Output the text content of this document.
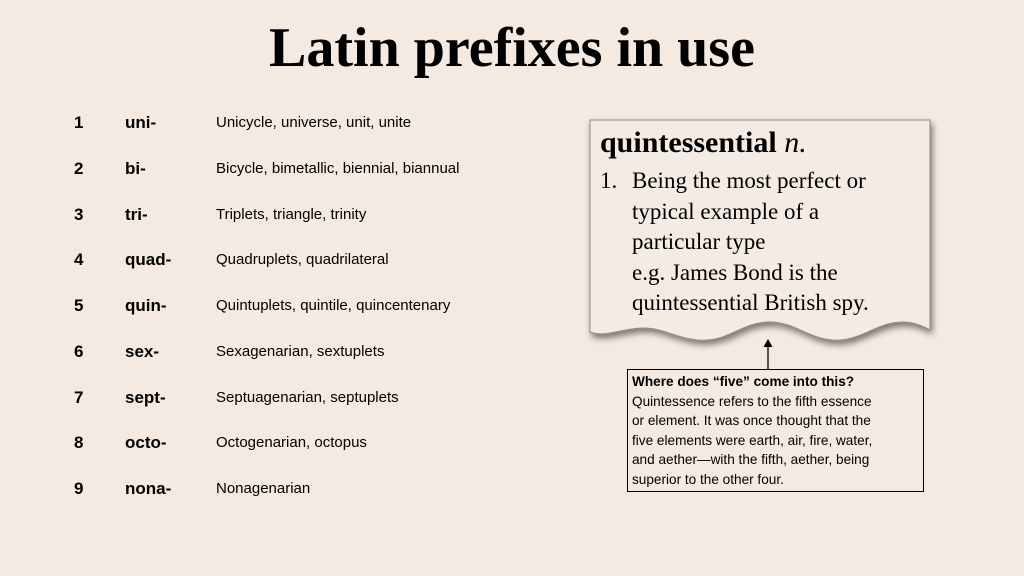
Latin prefixes in use
1 uni-	Unicycle, universe, unit, unite
2 bi-	Bicycle, bimetallic, biennial, biannual
3 tri-	Triplets, triangle, trinity
4 quad-	Quadruplets, quadrilateral
5 quin-	Quintuplets, quintile, quincentenary
6 sex-	Sexagenarian, sextuplets
7 sept-	Septuagenarian, septuplets
8 octo-	Octogenarian, octopus
9 nona-	Nonagenarian
quintessential n.
1. Being the most perfect or
typical example of a
particular type
e.g. James Bond is the
quintessential British spy.
Where does “five” come into this?
Quintessence refers to the fifth essence
or element. It was once thought that the
five elements were earth, air, fire, water,
and aether—with the fifth, aether, being
superior to the other four.
